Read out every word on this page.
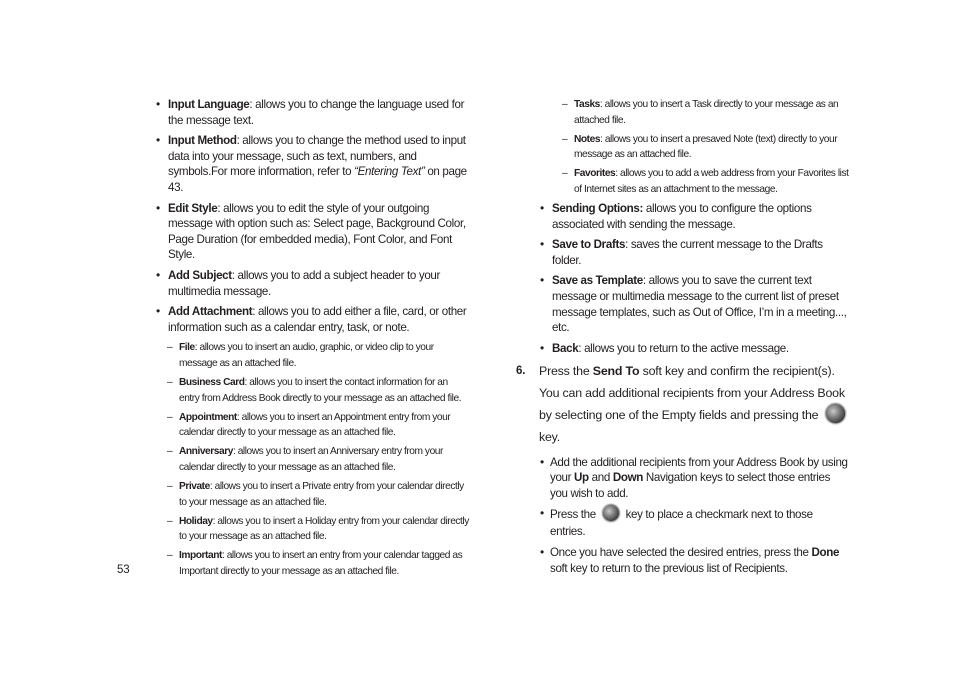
• Input Language: allows you to change the language used for the message text.
• Input Method: allows you to change the method used to input data into your message, such as text, numbers, and symbols.For more information, refer to “Entering Text” on page 43.
• Edit Style: allows you to edit the style of your outgoing message with option such as: Select page, Background Color, Page Duration (for embedded media), Font Color, and Font Style.
• Add Subject: allows you to add a subject header to your multimedia message.
• Add Attachment: allows you to add either a file, card, or other information such as a calendar entry, task, or note.
– File: allows you to insert an audio, graphic, or video clip to your message as an attached file.
– Business Card: allows you to insert the contact information for an entry from Address Book directly to your message as an attached file.
– Appointment: allows you to insert an Appointment entry from your calendar directly to your message as an attached file.
– Anniversary: allows you to insert an Anniversary entry from your calendar directly to your message as an attached file.
– Private: allows you to insert a Private entry from your calendar directly to your message as an attached file.
– Holiday: allows you to insert a Holiday entry from your calendar directly to your message as an attached file.
– Important: allows you to insert an entry from your calendar tagged as Important directly to your message as an attached file.
– Tasks: allows you to insert a Task directly to your message as an attached file.
– Notes: allows you to insert a presaved Note (text) directly to your message as an attached file.
– Favorites: allows you to add a web address from your Favorites list of Internet sites as an attachment to the message.
• Sending Options: allows you to configure the options associated with sending the message.
• Save to Drafts: saves the current message to the Drafts folder.
• Save as Template: allows you to save the current text message or multimedia message to the current list of preset message templates, such as Out of Office, I’m in a meeting..., etc.
• Back: allows you to return to the active message.
6. Press the Send To soft key and confirm the recipient(s). You can add additional recipients from your Address Book by selecting one of the Empty fields and pressing the  key.
• Add the additional recipients from your Address Book by using your Up and Down Navigation keys to select those entries you wish to add.
• Press the  key to place a checkmark next to those entries.
• Once you have selected the desired entries, press the Done soft key to return to the previous list of Recipients.
53
